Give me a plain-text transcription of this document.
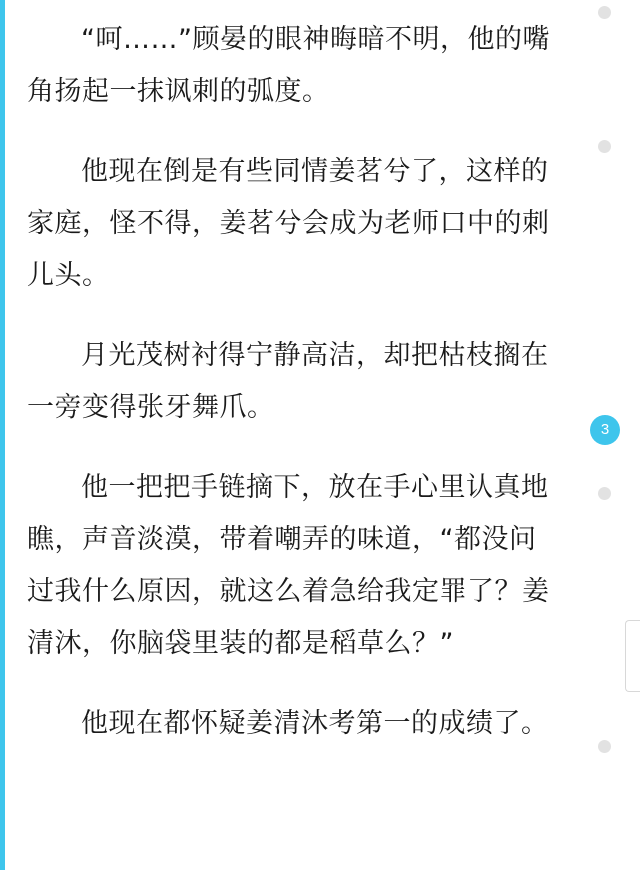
“呵……”顾晏的眼神晦暗不明，他的嘴角扬起一抹讽刺的弧度。

他现在倒是有些同情姜茗兮了，这样的家庭，怪不得，姜茗兮会成为老师口中的刺儿头。

月光茂树衬得宁静高洁，却把枯枝搁在一旁变得张牙舞爪。

他一把把手链摘下，放在手心里认真地瞧，声音淡漠，带着嘲弄的味道，“都没问过我什么原因，就这么着急给我定罪了？姜清沐，你脑袋里装的都是稻草么？”

他现在都怀疑姜清沐考第一的成绩了。

3
